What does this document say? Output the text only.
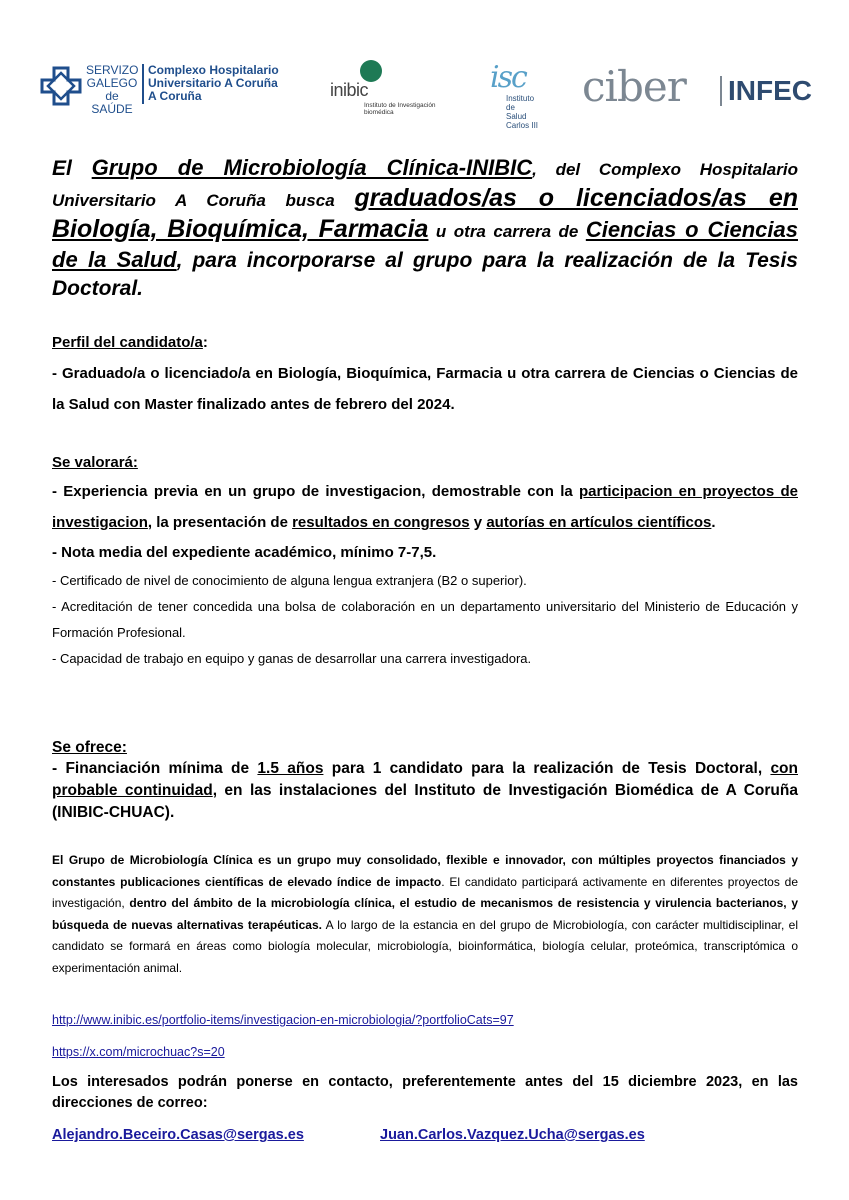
SERVIZO
GALEGO
de SAÚDE
Complexo Hospitalario
Universitario A Coruña
A Coruña	inibic
Instituto de Investigación biomédica
isc
Instituto
de
Salud
Carlos III
ciber INFEC
El Grupo de Microbiología Clínica-INIBIC, del Complexo Hospitalario Universitario A Coruña busca graduados/as o licenciados/as en Biología, Bioquímica, Farmacia u otra carrera de Ciencias o Ciencias de la Salud, para incorporarse al grupo para la realización de la Tesis Doctoral.
Perfil del candidato/a:
- Graduado/a o licenciado/a en Biología, Bioquímica, Farmacia u otra carrera de Ciencias o Ciencias de la Salud con Master finalizado antes de febrero del 2024.
Se valorará:
- Experiencia previa en un grupo de investigacion, demostrable con la participacion en proyectos de investigacion, la presentación de resultados en congresos y autorías en artículos científicos.
- Nota media del expediente académico, mínimo 7-7,5.
- Certificado de nivel de conocimiento de alguna lengua extranjera (B2 o superior).
- Acreditación de tener concedida una bolsa de colaboración en un departamento universitario del Ministerio de Educación y Formación Profesional.
- Capacidad de trabajo en equipo y ganas de desarrollar una carrera investigadora.
Se ofrece:
- Financiación mínima de 1.5 años para 1 candidato para la realización de Tesis Doctoral, con probable continuidad, en las instalaciones del Instituto de Investigación Biomédica de A Coruña (INIBIC-CHUAC).
El Grupo de Microbiología Clínica es un grupo muy consolidado, flexible e innovador, con múltiples proyectos financiados y constantes publicaciones científicas de elevado índice de impacto. El candidato participará activamente en diferentes proyectos de investigación, dentro del ámbito de la microbiología clínica, el estudio de mecanismos de resistencia y virulencia bacterianos, y búsqueda de nuevas alternativas terapéuticas. A lo largo de la estancia en del grupo de Microbiología, con carácter multidisciplinar, el candidato se formará en áreas como biología molecular, microbiología, bioinformática, biología celular, proteómica, transcriptómica o experimentación animal.
http://www.inibic.es/portfolio-items/investigacion-en-microbiologia/?portfolioCats=97
https://x.com/microchuac?s=20
Los interesados podrán ponerse en contacto, preferentemente antes del 15 diciembre 2023, en las direcciones de correo:
Alejandro.Beceiro.Casas@sergas.es	Juan.Carlos.Vazquez.Ucha@sergas.es
